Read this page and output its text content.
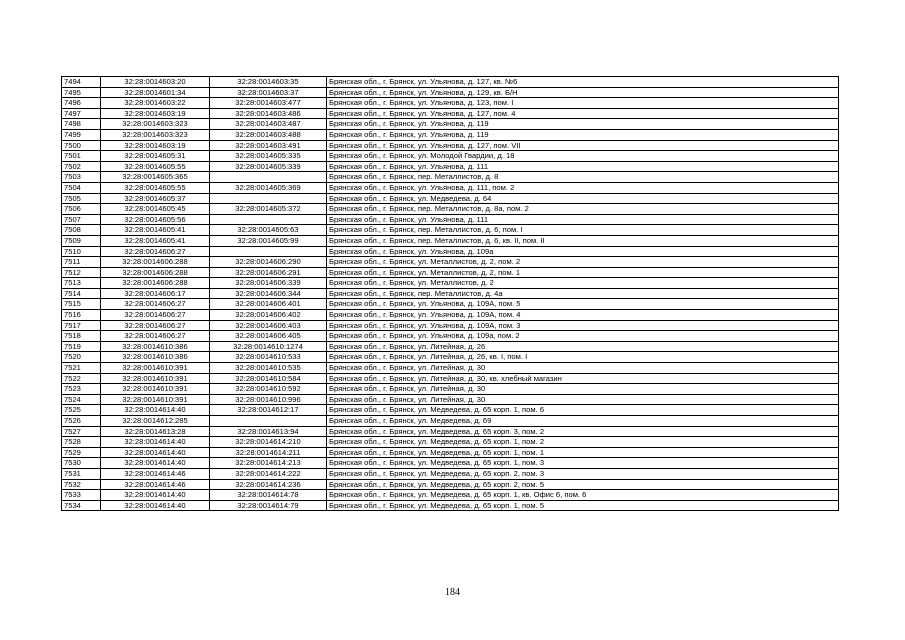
7494	32:28:0014603:20	32:28:0014603:35	Брянская обл., г. Брянск, ул. Ульянова, д. 127, кв. №6
7495	32:28:0014601:34	32:28:0014603:37	Брянская обл., г. Брянск, ул. Ульянова, д. 129, кв. Б/Н
7496	32:28:0014603:22	32:28:0014603:477	Брянская обл., г. Брянск, ул. Ульянова, д. 123, пом. I
7497	32:28:0014603:19	32:28:0014603:486	Брянская обл., г. Брянск, ул. Ульянова, д. 127, пом. 4
7498	32:28:0014603:323	32:28:0014603:487	Брянская обл., г. Брянск, ул. Ульянова, д. 119
7499	32:28:0014603:323	32:28:0014603:488	Брянская обл., г. Брянск, ул. Ульянова, д. 119
7500	32:28:0014603:19	32:28:0014603:491	Брянская обл., г. Брянск, ул. Ульянова, д. 127, пом. VII
7501	32:28:0014605:31	32:28:0014605:335	Брянская обл., г. Брянск, ул. Молодой Гвардии, д. 18
7502	32:28:0014605:55	32:28:0014605:339	Брянская обл., г. Брянск, ул. Ульянова, д. 111
7503	32:28:0014605:365		Брянская обл., г. Брянск, пер. Металлистов, д. 8
7504	32:28:0014605:55	32:28:0014605:369	Брянская обл., г. Брянск, ул. Ульянова, д. 111, пом. 2
7505	32:28:0014605:37		Брянская обл., г. Брянск, ул. Медведева, д. 64
7506	32:28:0014605:45	32:28:0014605:372	Брянская обл., г. Брянск, пер. Металлистов, д. 8а, пом. 2
7507	32:28:0014605:56		Брянская обл., г. Брянск, ул. Ульянова, д. 111
7508	32:28:0014605:41	32:28:0014605:63	Брянская обл., г. Брянск, пер. Металлистов, д. 6, пом. I
7509	32:28:0014605:41	32:28:0014605:99	Брянская обл., г. Брянск, пер. Металлистов, д. 6, кв. II, пом. II
7510	32:28:0014606:27		Брянская обл., г. Брянск, ул. Ульянова, д. 109а
7511	32:28:0014606:288	32:28:0014606:290	Брянская обл., г. Брянск, ул. Металлистов, д. 2, пом. 2
7512	32:28:0014606:288	32:28:0014606:291	Брянская обл., г. Брянск, ул. Металлистов, д. 2, пом. 1
7513	32:28:0014606:288	32:28:0014606:339	Брянская обл., г. Брянск, ул. Металлистов, д. 2
7514	32:28:0014606:17	32:28:0014606:344	Брянская обл., г. Брянск, пер. Металлистов, д. 4а
7515	32:28:0014606:27	32:28:0014606:401	Брянская обл., г. Брянск, ул. Ульянова, д. 109А, пом. 5
7516	32:28:0014606:27	32:28:0014606:402	Брянская обл., г. Брянск, ул. Ульянова, д. 109А, пом. 4
7517	32:28:0014606:27	32:28:0014606:403	Брянская обл., г. Брянск, ул. Ульянова, д. 109А, пом. 3
7518	32:28:0014606:27	32:28:0014606:405	Брянская обл., г. Брянск, ул. Ульянова, д. 109а, пом. 2
7519	32:28:0014610:386	32:28:0014610:1274	Брянская обл., г. Брянск, ул. Литейная, д. 26
7520	32:28:0014610:386	32:28:0014610:533	Брянская обл., г. Брянск, ул. Литейная, д. 26, кв. I, пом. I
7521	32:28:0014610:391	32:28:0014610:535	Брянская обл., г. Брянск, ул. Литейная, д. 30
7522	32:28:0014610:391	32:28:0014610:584	Брянская обл., г. Брянск, ул. Литейная, д. 30, кв. хлебный магазин
7523	32:28:0014610:391	32:28:0014610:592	Брянская обл., г. Брянск, ул. Литейная, д. 30
7524	32:28:0014610:391	32:28:0014610:996	Брянская обл., г. Брянск, ул. Литейная, д. 30
7525	32:28:0014614:40	32:28:0014612:17	Брянская обл., г. Брянск, ул. Медведева, д. 65 корп. 1, пом. 6
7526	32:28:0014612:285		Брянская обл., г. Брянск, ул. Медведева, д. 69
7527	32:28:0014613:28	32:28:0014613:94	Брянская обл., г. Брянск, ул. Медведева, д. 65 корп. 3, пом. 2
7528	32:28:0014614:40	32:28:0014614:210	Брянская обл., г. Брянск, ул. Медведева, д. 65 корп. 1, пом. 2
7529	32:28:0014614:40	32:28:0014614:211	Брянская обл., г. Брянск, ул. Медведева, д. 65 корп. 1, пом. 1
7530	32:28:0014614:40	32:28:0014614:213	Брянская обл., г. Брянск, ул. Медведева, д. 65 корп. 1, пом. 3
7531	32:28:0014614:46	32:28:0014614:222	Брянская обл., г. Брянск, ул. Медведева, д. 65 корп. 2, пом. 3
7532	32:28:0014614:46	32:28:0014614:236	Брянская обл., г. Брянск, ул. Медведева, д. 65 корп. 2, пом. 5
7533	32:28:0014614:40	32:28:0014614:78	Брянская обл., г. Брянск, ул. Медведева, д. 65 корп. 1, кв. Офис 6, пом. 6
7534	32:28:0014614:40	32:28:0014614:79	Брянская обл., г. Брянск, ул. Медведева, д. 65 корп. 1, пом. 5
184
